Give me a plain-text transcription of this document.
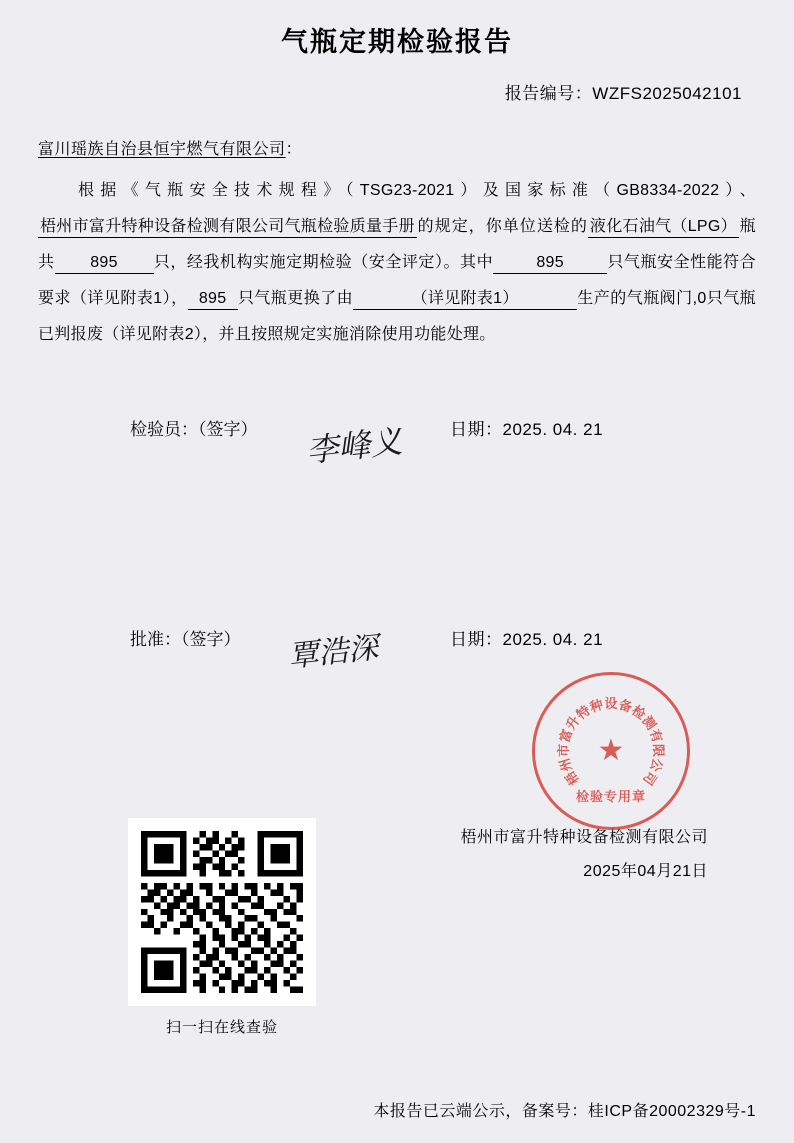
气瓶定期检验报告
报告编号：WZFS2025042101
富川瑶族自治县恒宇燃气有限公司：
根据《气瓶安全技术规程》（TSG23-2021）及国家标准（GB8334-2022）、梧州市富升特种设备检测有限公司气瓶检验质量手册 的规定，你单位送检的 液化石油气（LPG） 瓶共 895 只，经我机构实施定期检验（安全评定）。其中	895	只气瓶安全性能符合要求（详见附表1）， 895 只气瓶更换了由	（详见附表1）	生产的气瓶阀门,0只气瓶已判报废（详见附表2），并且按照规定实施消除使用功能处理。
检验员：（签字） 李峰义	日期：2025. 04. 21
批准：（签字） 覃浩深	日期：2025. 04. 21
梧州市富升特种设备检测有限公司
2025年04月21日
★
梧
州
市
富
升
特
种 设 备
检
测
有
限
公
司
检验专用章
扫一扫在线查验
本报告已云端公示，备案号：桂ICP备20002329号-1
